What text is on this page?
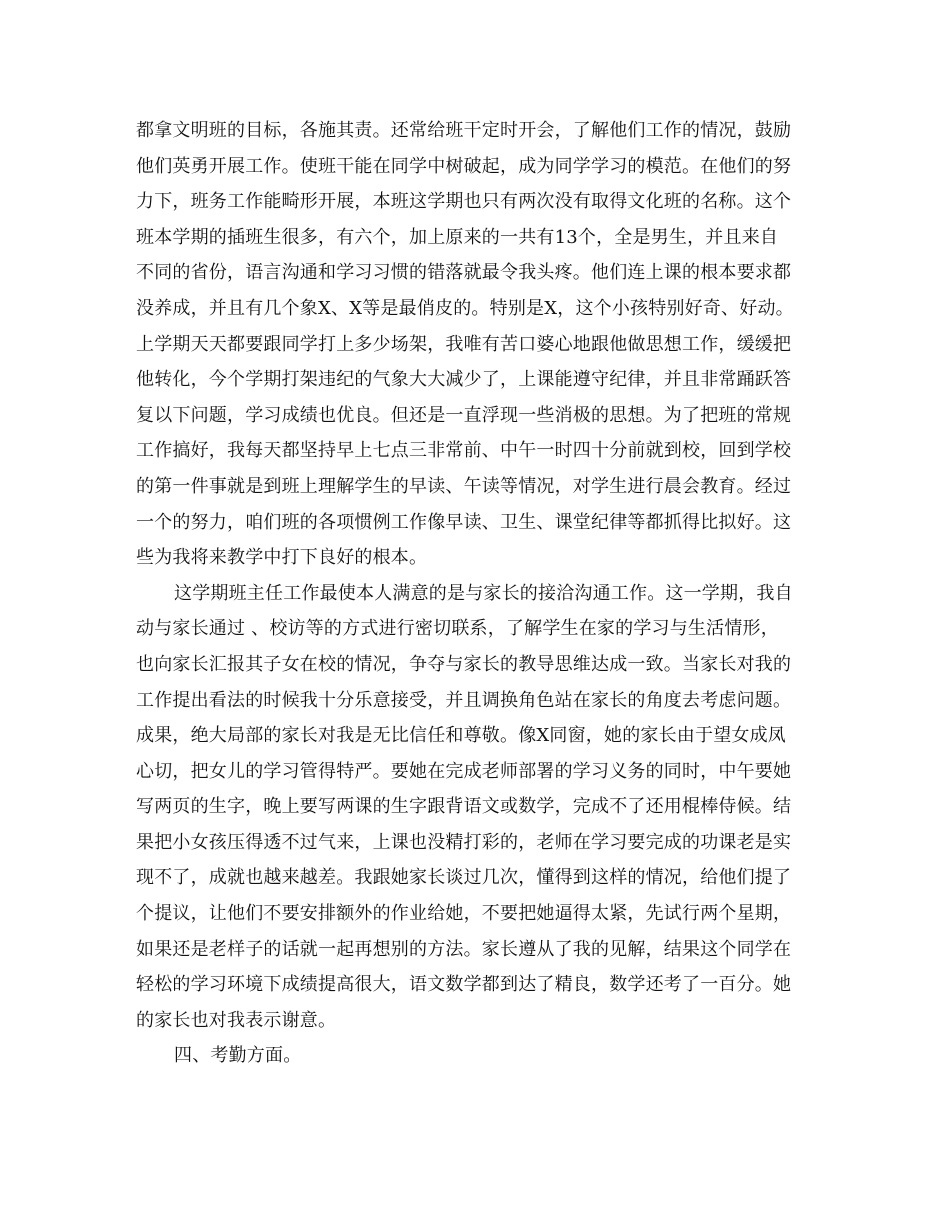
都拿文明班的目标，各施其责。还常给班干定时开会，了解他们工作的情况，鼓励
他们英勇开展工作。使班干能在同学中树破起，成为同学学习的模范。在他们的努
力下，班务工作能畸形开展，本班这学期也只有两次没有取得文化班的名称。这个
班本学期的插班生很多，有六个，加上原来的一共有13个，全是男生，并且来自
不同的省份，语言沟通和学习习惯的错落就最令我头疼。他们连上课的根本要求都
没养成，并且有几个象X、X等是最俏皮的。特别是X，这个小孩特别好奇、好动。
上学期天天都要跟同学打上多少场架，我唯有苦口婆心地跟他做思想工作，缓缓把
他转化，今个学期打架违纪的气象大大减少了，上课能遵守纪律，并且非常踊跃答
复以下问题，学习成绩也优良。但还是一直浮现一些消极的思想。为了把班的常规
工作搞好，我每天都坚持早上七点三非常前、中午一时四十分前就到校，回到学校
的第一件事就是到班上理解学生的早读、午读等情况，对学生进行晨会教育。经过
一个的努力，咱们班的各项惯例工作像早读、卫生、课堂纪律等都抓得比拟好。这
些为我将来教学中打下良好的根本。
这学期班主任工作最使本人满意的是与家长的接洽沟通工作。这一学期，我自
动与家长通过 、校访等的方式进行密切联系，了解学生在家的学习与生活情形，
也向家长汇报其子女在校的情况，争夺与家长的教导思维达成一致。当家长对我的
工作提出看法的时候我十分乐意接受，并且调换角色站在家长的角度去考虑问题。
成果，绝大局部的家长对我是无比信任和尊敬。像X同窗，她的家长由于望女成凤
心切，把女儿的学习管得特严。要她在完成老师部署的学习义务的同时，中午要她
写两页的生字，晚上要写两课的生字跟背语文或数学，完成不了还用棍棒侍候。结
果把小女孩压得透不过气来，上课也没精打彩的，老师在学习要完成的功课老是实
现不了，成就也越来越差。我跟她家长谈过几次，懂得到这样的情况，给他们提了
个提议，让他们不要安排额外的作业给她，不要把她逼得太紧，先试行两个星期，
如果还是老样子的话就一起再想别的方法。家长遵从了我的见解，结果这个同学在
轻松的学习环境下成绩提高很大，语文数学都到达了精良，数学还考了一百分。她
的家长也对我表示谢意。
四、考勤方面。
